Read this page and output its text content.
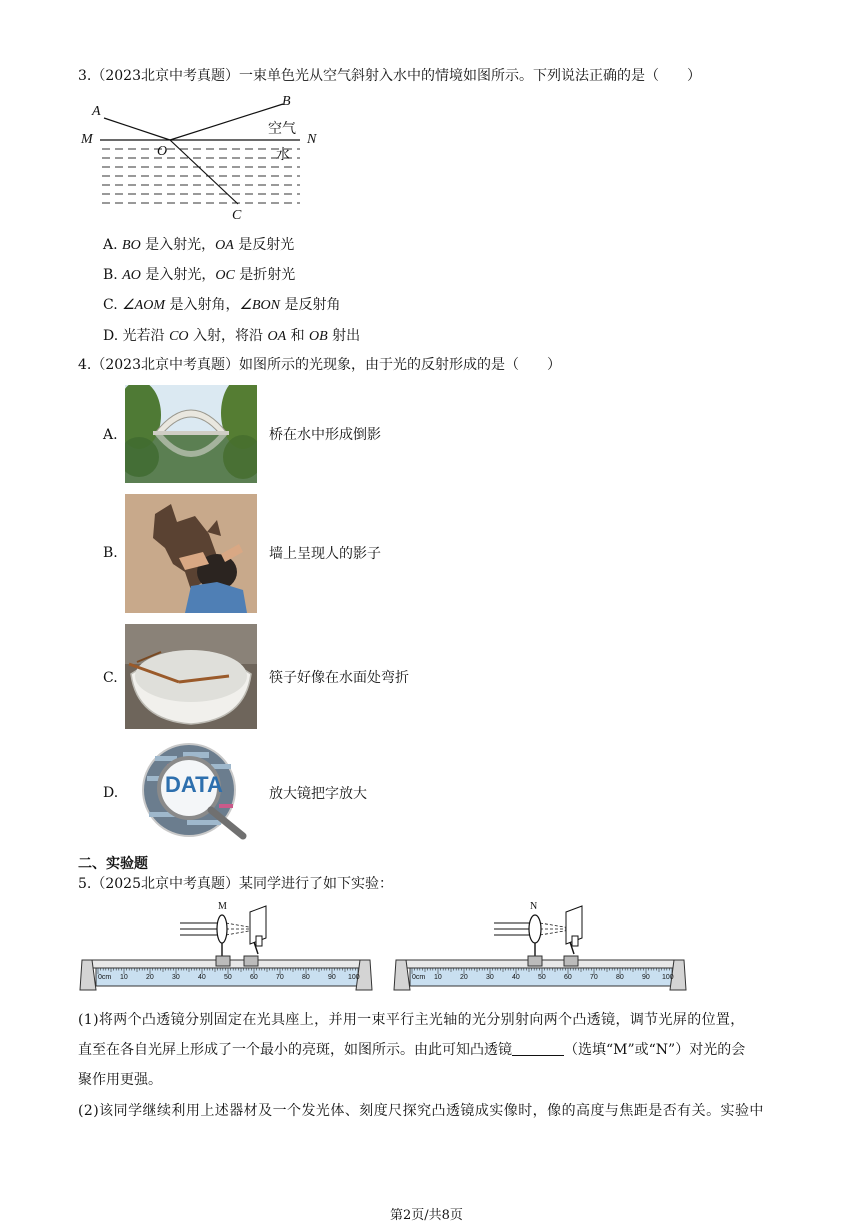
3.（2023北京中考真题）一束单色光从空气斜射入水中的情境如图所示。下列说法正确的是（　　）
A
B
M	N
O
C
空气
水
A. BO 是入射光，OA 是反射光
B. AO 是入射光，OC 是折射光
C. ∠AOM 是入射角，∠BON 是反射角
D. 光若沿 CO 入射，将沿 OA 和 OB 射出
4.（2023北京中考真题）如图所示的光现象，由于光的反射形成的是（　　）
A.	桥在水中形成倒影
B.	墙上呈现人的影子
C.	筷子好像在水面处弯折
D. DATA	放大镜把字放大
二、实验题
5.（2025北京中考真题）某同学进行了如下实验：
M
0cm 10	20	30	40	50	60	70	80	90 100
N
0cm 10	20	30	40	50	60	70	80	90 100
(1)将两个凸透镜分别固定在光具座上，并用一束平行主光轴的光分别射向两个凸透镜，调节光屏的位置，
直至在各自光屏上形成了一个最小的亮斑，如图所示。由此可知凸透镜	（选填“M”或“N”）对光的会
聚作用更强。
(2)该同学继续利用上述器材及一个发光体、刻度尺探究凸透镜成实像时，像的高度与焦距是否有关。实验中
第2页/共8页
